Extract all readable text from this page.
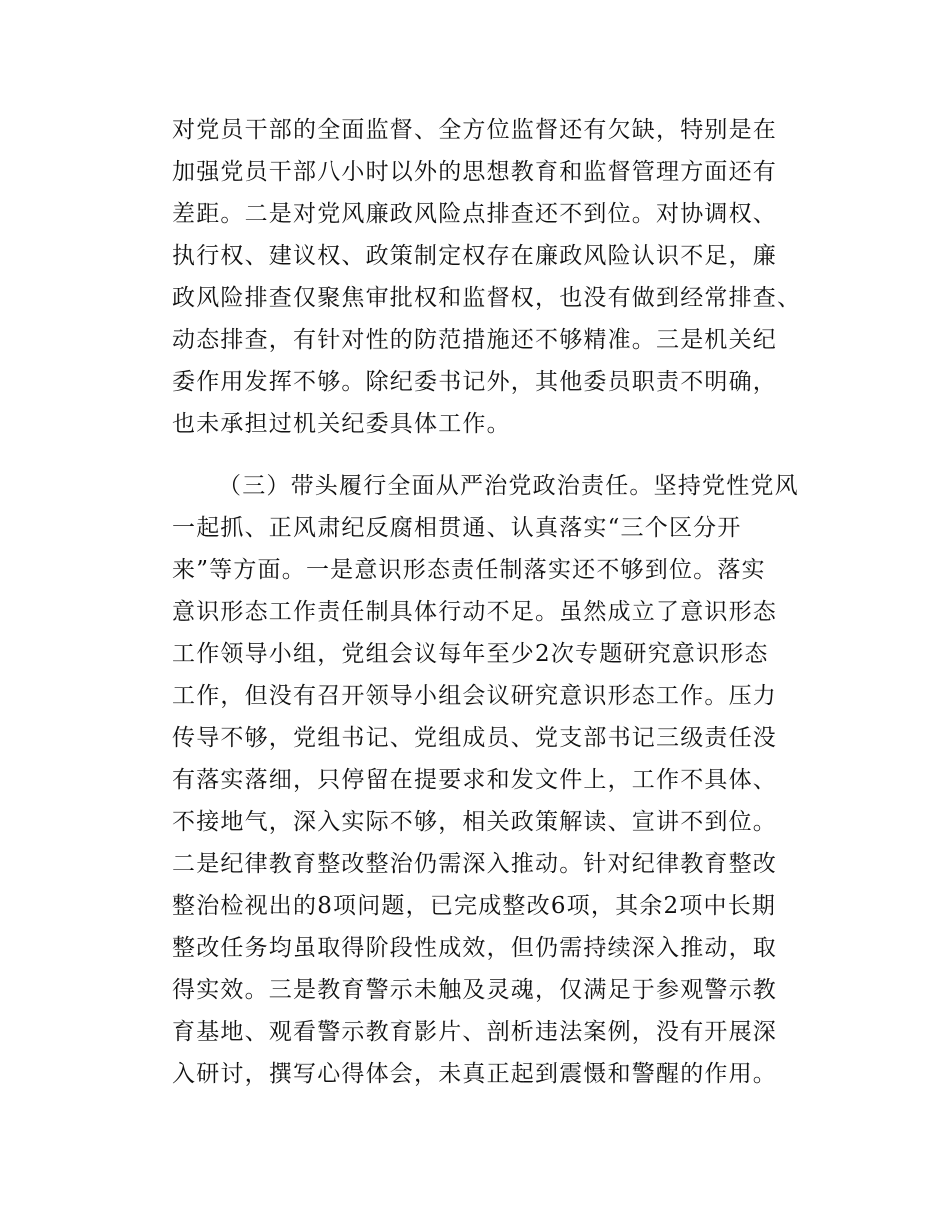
对党员干部的全面监督、全方位监督还有欠缺，特别是在
加强党员干部八小时以外的思想教育和监督管理方面还有
差距。二是对党风廉政风险点排查还不到位。对协调权、
执行权、建议权、政策制定权存在廉政风险认识不足，廉
政风险排查仅聚焦审批权和监督权，也没有做到经常排查、
动态排查，有针对性的防范措施还不够精准。三是机关纪
委作用发挥不够。除纪委书记外，其他委员职责不明确，
也未承担过机关纪委具体工作。
（三）带头履行全面从严治党政治责任。坚持党性党风
一起抓、正风肃纪反腐相贯通、认真落实“三个区分开
来”等方面。一是意识形态责任制落实还不够到位。落实
意识形态工作责任制具体行动不足。虽然成立了意识形态
工作领导小组，党组会议每年至少2次专题研究意识形态
工作，但没有召开领导小组会议研究意识形态工作。压力
传导不够，党组书记、党组成员、党支部书记三级责任没
有落实落细，只停留在提要求和发文件上，工作不具体、
不接地气，深入实际不够，相关政策解读、宣讲不到位。
二是纪律教育整改整治仍需深入推动。针对纪律教育整改
整治检视出的8项问题，已完成整改6项，其余2项中长期
整改任务均虽取得阶段性成效，但仍需持续深入推动，取
得实效。三是教育警示未触及灵魂，仅满足于参观警示教
育基地、观看警示教育影片、剖析违法案例，没有开展深
入研讨，撰写心得体会，未真正起到震慑和警醒的作用。
